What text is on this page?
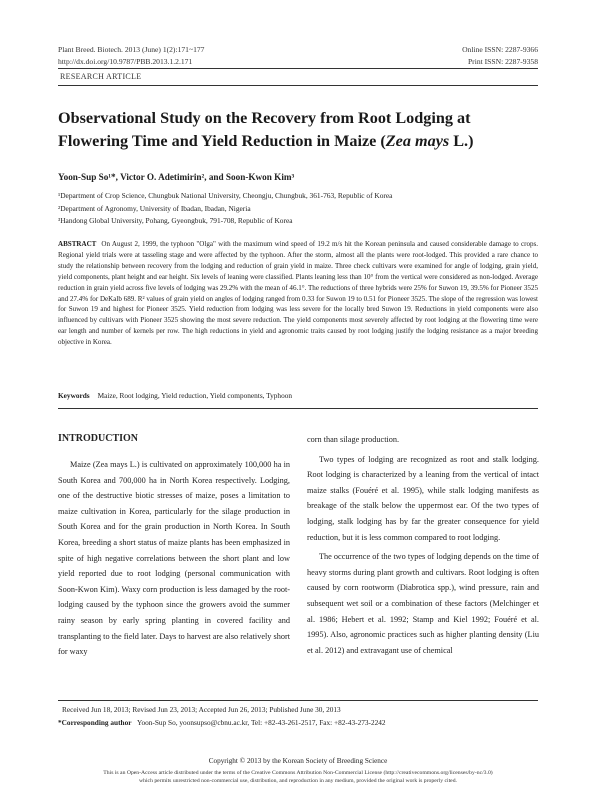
Plant Breed. Biotech. 2013 (June) 1(2):171~177
http://dx.doi.org/10.9787/PBB.2013.1.2.171
Online ISSN: 2287-9366
Print ISSN: 2287-9358
RESEARCH ARTICLE
Observational Study on the Recovery from Root Lodging at
Flowering Time and Yield Reduction in Maize (Zea mays L.)
Yoon-Sup So¹*, Victor O. Adetimirin², and Soon-Kwon Kim³
¹Department of Crop Science, Chungbuk National University, Cheongju, Chungbuk, 361-763, Republic of Korea
²Department of Agronomy, University of Ibadan, Ibadan, Nigeria
³Handong Global University, Pohang, Gyeongbuk, 791-708, Republic of Korea
ABSTRACT On August 2, 1999, the typhoon "Olga" with the maximum wind speed of 19.2 m/s hit the Korean peninsula and caused considerable damage to crops. Regional yield trials were at tasseling stage and were affected by the typhoon. After the storm, almost all the plants were root-lodged. This provided a rare chance to study the relationship between recovery from the lodging and reduction of grain yield in maize. Three check cultivars were examined for angle of lodging, grain yield, yield components, plant height and ear height. Six levels of leaning were classified. Plants leaning less than 10° from the vertical were considered as non-lodged. Average reduction in grain yield across five levels of lodging was 29.2% with the mean of 46.1°. The reductions of three hybrids were 25% for Suwon 19, 39.5% for Pioneer 3525 and 27.4% for DeKalb 689. R² values of grain yield on angles of lodging ranged from 0.33 for Suwon 19 to 0.51 for Pioneer 3525. The slope of the regression was lowest for Suwon 19 and highest for Pioneer 3525. Yield reduction from lodging was less severe for the locally bred Suwon 19. Reductions in yield components were also influenced by cultivars with Pioneer 3525 showing the most severe reduction. The yield components most severely affected by root lodging at the flowering time were ear length and number of kernels per row. The high reductions in yield and agronomic traits caused by root lodging justify the lodging resistance as a major breeding objective in Korea.
Keywords Maize, Root lodging, Yield reduction, Yield components, Typhoon
INTRODUCTION

Maize (Zea mays L.) is cultivated on approximately 100,000 ha in South Korea and 700,000 ha in North Korea respectively. Lodging, one of the destructive biotic stresses of maize, poses a limitation to maize cultivation in Korea, particularly for the silage production in South Korea and for the grain production in North Korea. In South Korea, breeding a short status of maize plants has been emphasized in spite of high negative correlations between the short plant and low yield reported due to root lodging (personal communication with Soon-Kwon Kim). Waxy corn production is less damaged by the root-lodging caused by the typhoon since the growers avoid the summer rainy season by early spring planting in covered facility and transplanting to the field later. Days to harvest are also relatively short for waxy

corn than silage production.

Two types of lodging are recognized as root and stalk lodging. Root lodging is characterized by a leaning from the vertical of intact maize stalks (Fouéré et al. 1995), while stalk lodging manifests as breakage of the stalk below the uppermost ear. Of the two types of lodging, stalk lodging has by far the greater consequence for yield reduction, but it is less common compared to root lodging.

The occurrence of the two types of lodging depends on the time of heavy storms during plant growth and cultivars. Root lodging is often caused by corn rootworm (Diabrotica spp.), wind pressure, rain and subsequent wet soil or a combination of these factors (Melchinger et al. 1986; Hebert et al. 1992; Stamp and Kiel 1992; Fouéré et al. 1995). Also, agronomic practices such as higher planting density (Liu et al. 2012) and extravagant use of chemical

Received Jun 18, 2013; Revised Jun 23, 2013; Accepted Jun 26, 2013; Published June 30, 2013
*Corresponding author Yoon-Sup So, yoonsupso@cbnu.ac.kr, Tel: +82-43-261-2517, Fax: +82-43-273-2242
Copyright © 2013 by the Korean Society of Breeding Science
This is an Open-Access article distributed under the terms of the Creative Commons Attribution Non-Commercial License (http://creativecommons.org/licenses/by-nc/3.0)
which permits unrestricted non-commercial use, distribution, and reproduction in any medium, provided the original work is properly cited.
